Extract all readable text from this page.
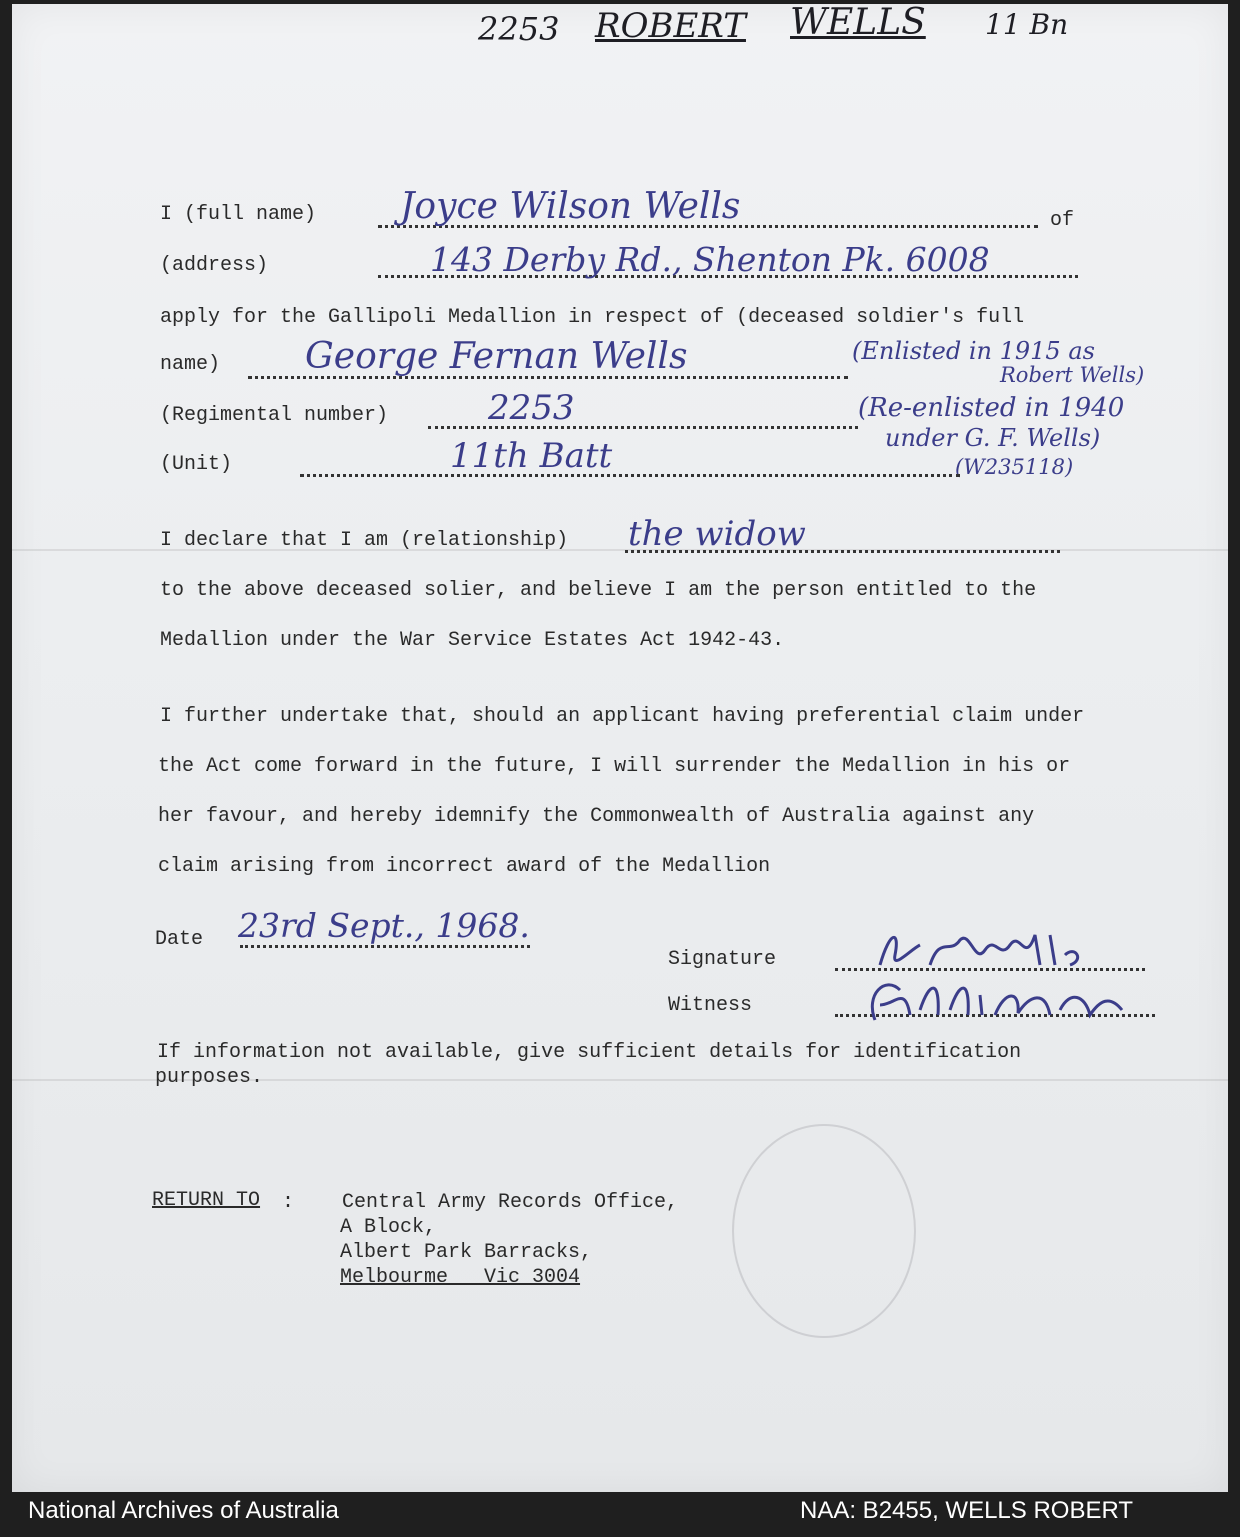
2253 ROBERT WELLS 11 Bn
I (full name) Joyce Wilson Wells	of
(address)	143 Derby Rd., Shenton Pk. 6008
apply for the Gallipoli Medallion in respect of (deceased soldier's full
name) George Fernan Wells	(Enlisted in 1915 as
Robert Wells)
(Regimental number)	2253	(Re-enlisted in 1940
under G. F. Wells)
(W235118)
(Unit)	11th Batt
I declare that I am (relationship) the widow
to the above deceased solier, and believe I am the person entitled to the
Medallion under the War Service Estates Act 1942-43.
I further undertake that, should an applicant having preferential claim under
the Act come forward in the future, I will surrender the Medallion in his or
her favour, and hereby idemnify the Commonwealth of Australia against any
claim arising from incorrect award of the Medallion
Date 23rd Sept., 1968.
Signature
Witness
If information not available, give sufficient details for identification
purposes.
RETURN TO : Central Army Records Office,
A Block,
Albert Park Barracks,
Melbourme   Vic 3004
National Archives of Australia	NAA: B2455, WELLS ROBERT
